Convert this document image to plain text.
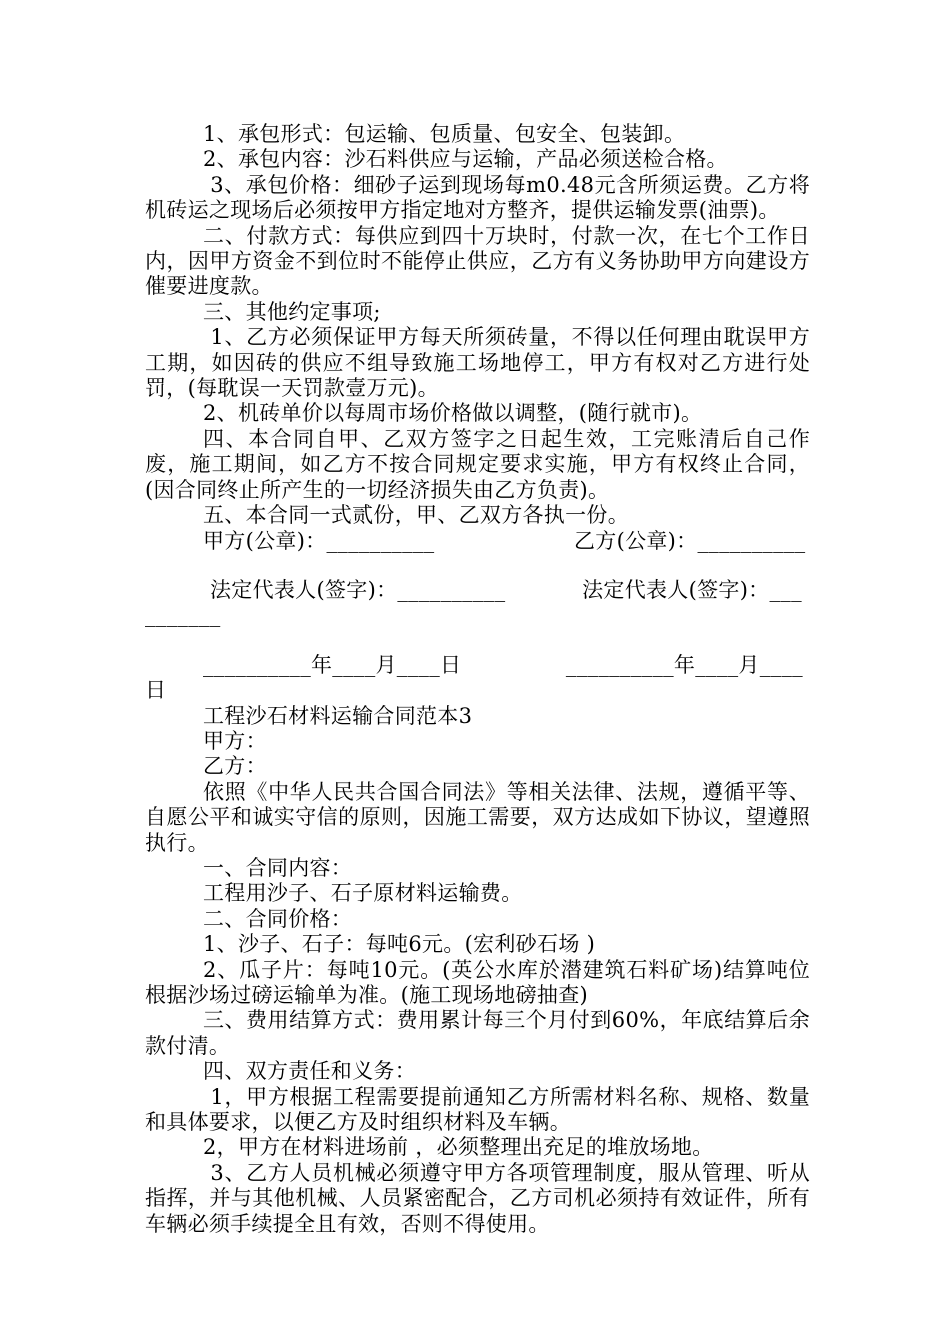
1、承包形式：包运输、包质量、包安全、包装卸。

2、承包内容：沙石料供应与运输，产品必须送检合格。

3、承包价格：细砂子运到现场每m0.48元含所须运费。乙方将机砖运之现场后必须按甲方指定地对方整齐，提供运输发票(油票)。

二、付款方式：每供应到四十万块时，付款一次，在七个工作日内，因甲方资金不到位时不能停止供应，乙方有义务协助甲方向建设方催要进度款。

三、其他约定事项;

1、乙方必须保证甲方每天所须砖量，不得以任何理由耽误甲方工期，如因砖的供应不组导致施工场地停工，甲方有权对乙方进行处罚，(每耽误一天罚款壹万元)。

2、机砖单价以每周市场价格做以调整，(随行就市)。

四、本合同自甲、乙双方签字之日起生效，工完账清后自己作废，施工期间，如乙方不按合同规定要求实施，甲方有权终止合同，(因合同终止所产生的一切经济损失由乙方负责)。

五、本合同一式贰份，甲、乙双方各执一份。

甲方(公章)：__________                    乙方(公章)：__________

法定代表人(签字)：__________           法定代表人(签字)：__________

__________年____月____日               __________年____月____日

工程沙石材料运输合同范本3

甲方：

乙方：

依照《中华人民共合国合同法》等相关法律、法规，遵循平等、自愿公平和诚实守信的原则，因施工需要，双方达成如下协议，望遵照执行。

一、合同内容：

工程用沙子、石子原材料运输费。

二、合同价格：

1、沙子、石子：每吨6元。(宏利砂石场 )

2、瓜子片：每吨10元。(英公水库於潜建筑石料矿场)结算吨位根据沙场过磅运输单为准。(施工现场地磅抽查)

三、费用结算方式：费用累计每三个月付到60%，年底结算后余款付清。

四、双方责任和义务：

1，甲方根据工程需要提前通知乙方所需材料名称、规格、数量和具体要求，以便乙方及时组织材料及车辆。

2，甲方在材料进场前 ，必须整理出充足的堆放场地。

3、乙方人员机械必须遵守甲方各项管理制度，服从管理、听从指挥，并与其他机械、人员紧密配合，乙方司机必须持有效证件，所有车辆必须手续提全且有效，否则不得使用。
